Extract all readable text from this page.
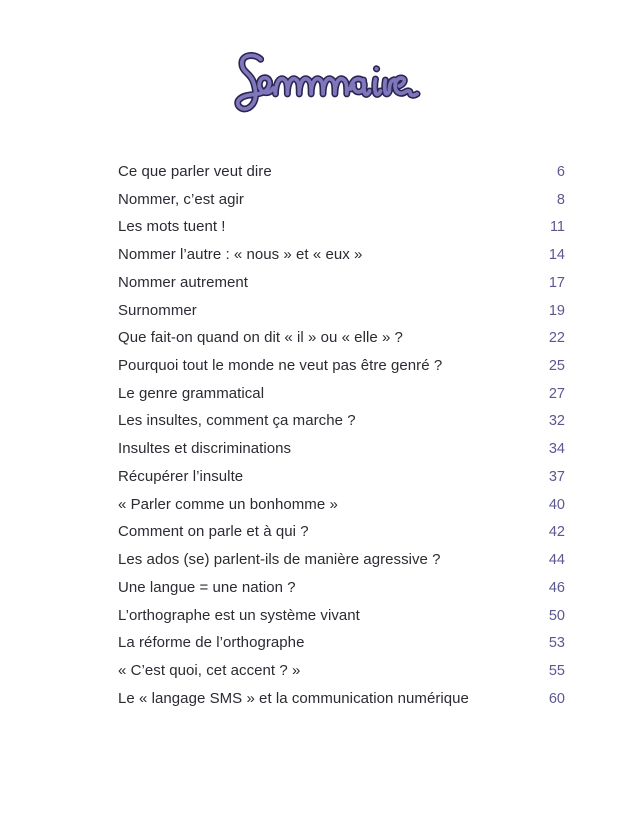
Ce que parler veut dire	6
Nommer, c’est agir	8
Les mots tuent !	11
Nommer l’autre : « nous » et « eux »	14
Nommer autrement	17
Surnommer	19
Que fait-on quand on dit « il » ou « elle » ?	22
Pourquoi tout le monde ne veut pas être genré ?	25
Le genre grammatical	27
Les insultes, comment ça marche ?	32
Insultes et discriminations	34
Récupérer l’insulte	37
« Parler comme un bonhomme »	40
Comment on parle et à qui ?	42
Les ados (se) parlent-ils de manière agressive ?	44
Une langue = une nation ?	46
L’orthographe est un système vivant	50
La réforme de l’orthographe	53
« C’est quoi, cet accent ? »	55
Le « langage SMS » et la communication numérique	60
